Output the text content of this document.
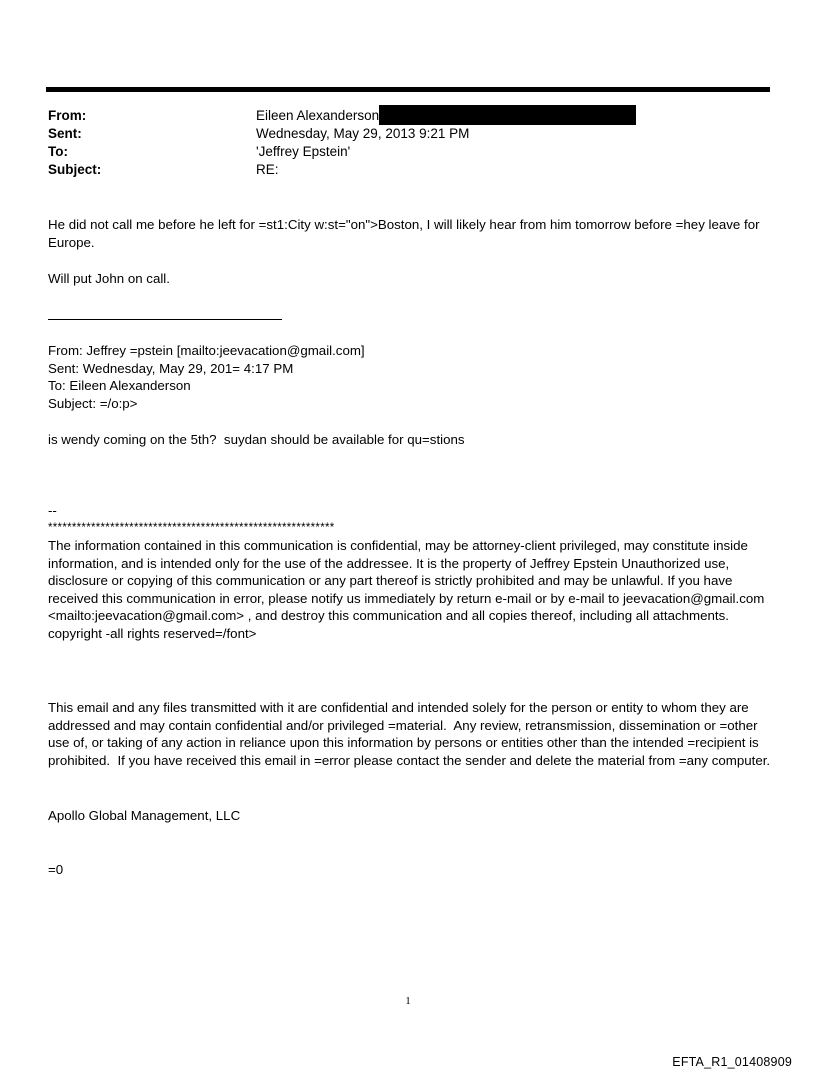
From:	Eileen Alexanderson
Sent:	Wednesday, May 29, 2013 9:21 PM
To:	'Jeffrey Epstein'
Subject:	RE:

He did not call me before he left for =st1:City w:st="on">Boston, I will likely hear from him tomorrow before =hey leave for Europe.

Will put John on call.

From: Jeffrey =pstein [mailto:jeevacation@gmail.com]

Sent: Wednesday, May 29, 201= 4:17 PM

To: Eileen Alexanderson

Subject: =/o:p>

is wendy coming on the 5th?  suydan should be available for qu=stions

--

************************************************************

The information contained in this communication is confidential, may be attorney-client privileged, may constitute inside information, and is intended only for the use of the addressee. It is the property of Jeffrey Epstein Unauthorized use, disclosure or copying of this communication or any part thereof is strictly prohibited and may be unlawful. If you have received this communication in error, please notify us immediately by return e-mail or by e-mail to jeevacation@gmail.com <mailto:jeevacation@gmail.com> , and destroy this communication and all copies thereof, including all attachments. copyright -all rights reserved=/font>

This email and any files transmitted with it are confidential and intended solely for the person or entity to whom they are addressed and may contain confidential and/or privileged =material.  Any review, retransmission, dissemination or =other use of, or taking of any action in reliance upon this information by persons or entities other than the intended =recipient is prohibited.  If you have received this email in =error please contact the sender and delete the material from =any computer.

Apollo Global Management, LLC

=0

1
EFTA_R1_01408909
